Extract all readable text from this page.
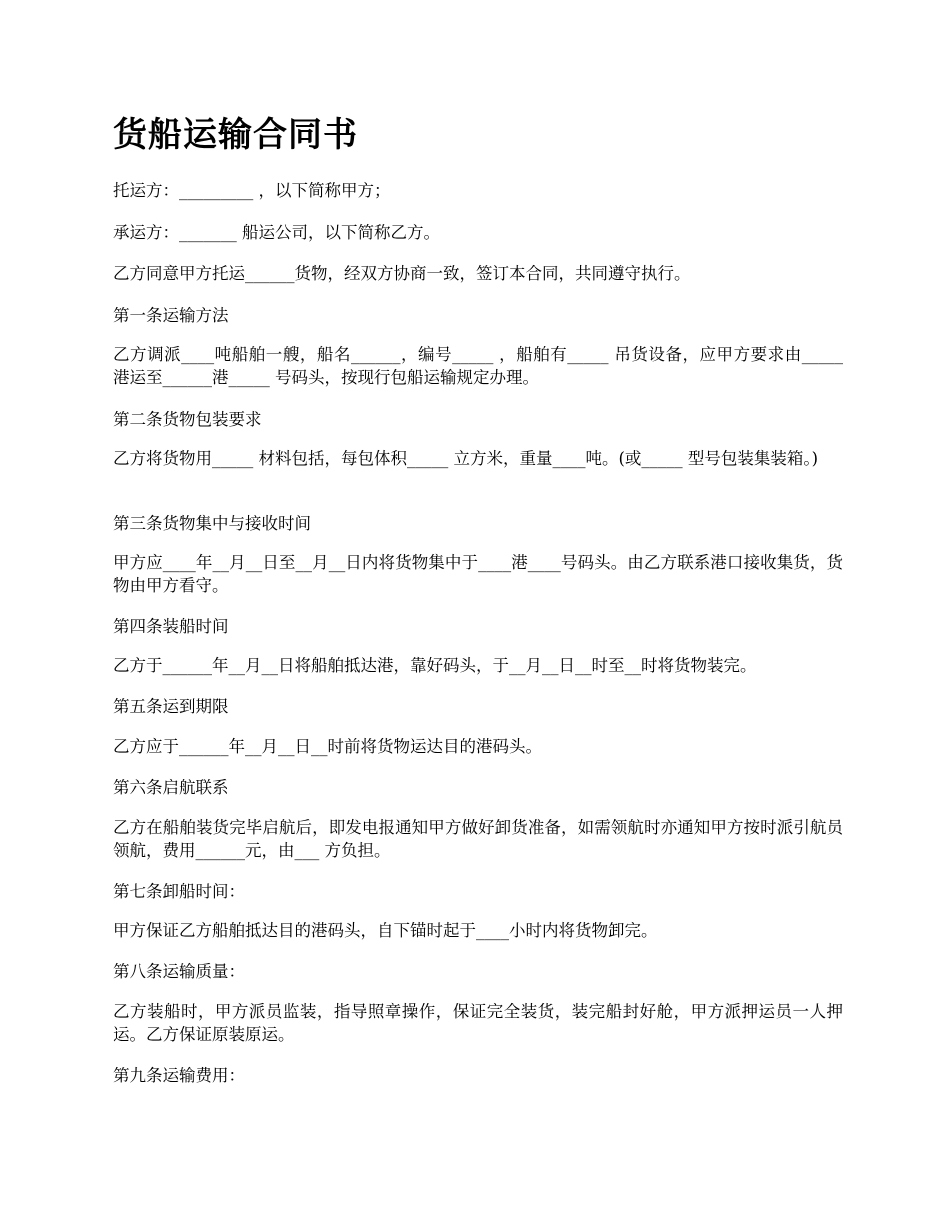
货船运输合同书

托运方：_________ ，以下简称甲方；

承运方：_______ 船运公司，以下简称乙方。

乙方同意甲方托运______货物，经双方协商一致，签订本合同，共同遵守执行。

第一条运输方法

乙方调派____吨船舶一艘，船名______，编号_____ ，船舶有_____ 吊货设备，应甲方要求由_____ 港运至______港_____ 号码头，按现行包船运输规定办理。

第二条货物包装要求

乙方将货物用_____ 材料包括，每包体积_____ 立方米，重量____吨。(或_____ 型号包装集装箱。)

第三条货物集中与接收时间

甲方应____年__月__日至__月__日内将货物集中于____港____号码头。由乙方联系港口接收集货，货物由甲方看守。

第四条装船时间

乙方于______年__月__日将船舶抵达港，靠好码头，于__月__日__时至__时将货物装完。

第五条运到期限

乙方应于______年__月__日__时前将货物运达目的港码头。

第六条启航联系

乙方在船舶装货完毕启航后，即发电报通知甲方做好卸货准备，如需领航时亦通知甲方按时派引航员领航，费用______元，由___ 方负担。

第七条卸船时间：

甲方保证乙方船舶抵达目的港码头，自下锚时起于____小时内将货物卸完。

第八条运输质量：

乙方装船时，甲方派员监装，指导照章操作，保证完全装货，装完船封好舱，甲方派押运员一人押运。乙方保证原装原运。

第九条运输费用：
